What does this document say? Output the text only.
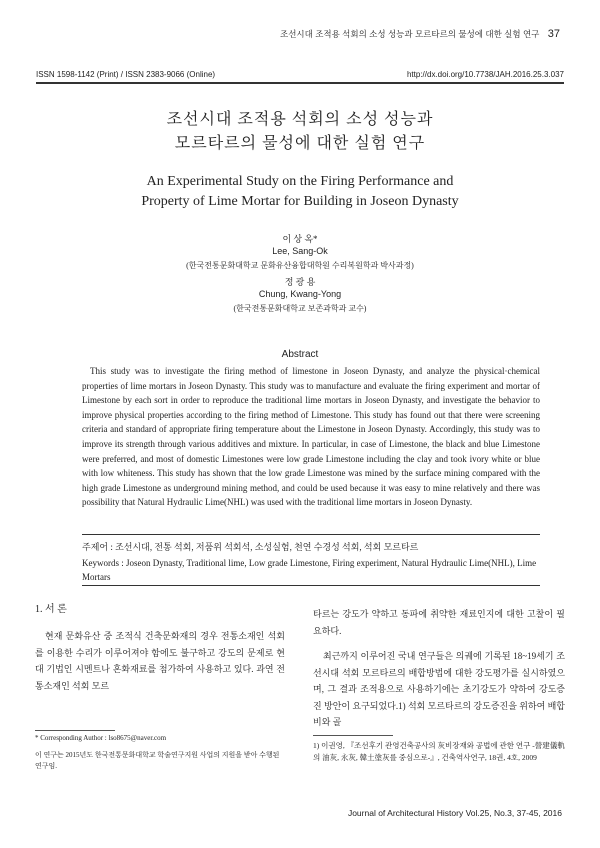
조선시대 조적용 석회의 소성 성능과 모르타르의 물성에 대한 실험 연구 37
ISSN 1598-1142 (Print) / ISSN 2383-9066 (Online)	http://dx.doi.org/10.7738/JAH.2016.25.3.037
조선시대 조적용 석회의 소성 성능과
모르타르의 물성에 대한 실험 연구
An Experimental Study on the Firing Performance and
Property of Lime Mortar for Building in Joseon Dynasty
이 상 옥*
Lee, Sang-Ok
(한국전통문화대학교 문화유산융합대학원 수리복원학과 박사과정)
정 광 용
Chung, Kwang-Yong
(한국전통문화대학교 보존과학과 교수)
Abstract
This study was to investigate the firing method of limestone in Joseon Dynasty, and analyze the physical·chemical properties of lime mortars in Joseon Dynasty. This study was to manufacture and evaluate the firing experiment and mortar of Limestone by each sort in order to reproduce the traditional lime mortars in Joseon Dynasty, and investigate the behavior to improve physical properties according to the firing method of Limestone. This study has found out that there were screening criteria and standard of appropriate firing temperature about the Limestone in Joseon Dynasty. Accordingly, this study was to improve its strength through various additives and mixture. In particular, in case of Limestone, the black and blue Limestone were preferred, and most of domestic Limestones were low grade Limestone including the clay and took ivory white or blue with low whiteness. This study has shown that the low grade Limestone was mined by the surface mining compared with the high grade Limestone as underground mining method, and could be used because it was easy to mine relatively and there was possibility that Natural Hydraulic Lime(NHL) was used with the traditional lime mortars in Joseon Dynasty.
주제어 : 조선시대, 전통 석회, 저품위 석회석, 소성실험, 천연 수경성 석회, 석회 모르타르
Keywords : Joseon Dynasty, Traditional lime, Low grade Limestone, Firing experiment, Natural Hydraulic Lime(NHL), Lime Mortars
1. 서 론
현재 문화유산 중 조적식 건축문화재의 경우 전통소재인 석회를 이용한 수리가 이루어져야 함에도 불구하고 강도의 문제로 현대 기법인 시멘트나 혼화재료를 첨가하여 사용하고 있다. 과연 전통소재인 석회 모르

타르는 강도가 약하고 동파에 취약한 재료인지에 대한 고찰이 필요하다.

최근까지 이루어진 국내 연구들은 의궤에 기록된 18~19세기 조선시대 석회 모르타르의 배합방법에 대한 강도평가를 실시하였으며, 그 결과 조적용으로 사용하기에는 초기강도가 약하여 강도증진 방안이 요구되었다.1) 석회 모르타르의 강도증진을 위하여 배합비와 골

* Corresponding Author : lso8675@naver.com
이 연구는 2015년도 한국전통문화대학교 학술연구지원 사업의 지원을 받아 수행된 연구임.
1) 이권영, 『조선후기 관영건축공사의 灰비장재와 공법에 관한 연구 -營建儀軌의 油灰, 永灰, 韓土塗灰를 중심으로-』, 건축역사연구, 18권, 4호, 2009
Journal of Architectural History Vol.25, No.3, 37-45, 2016
